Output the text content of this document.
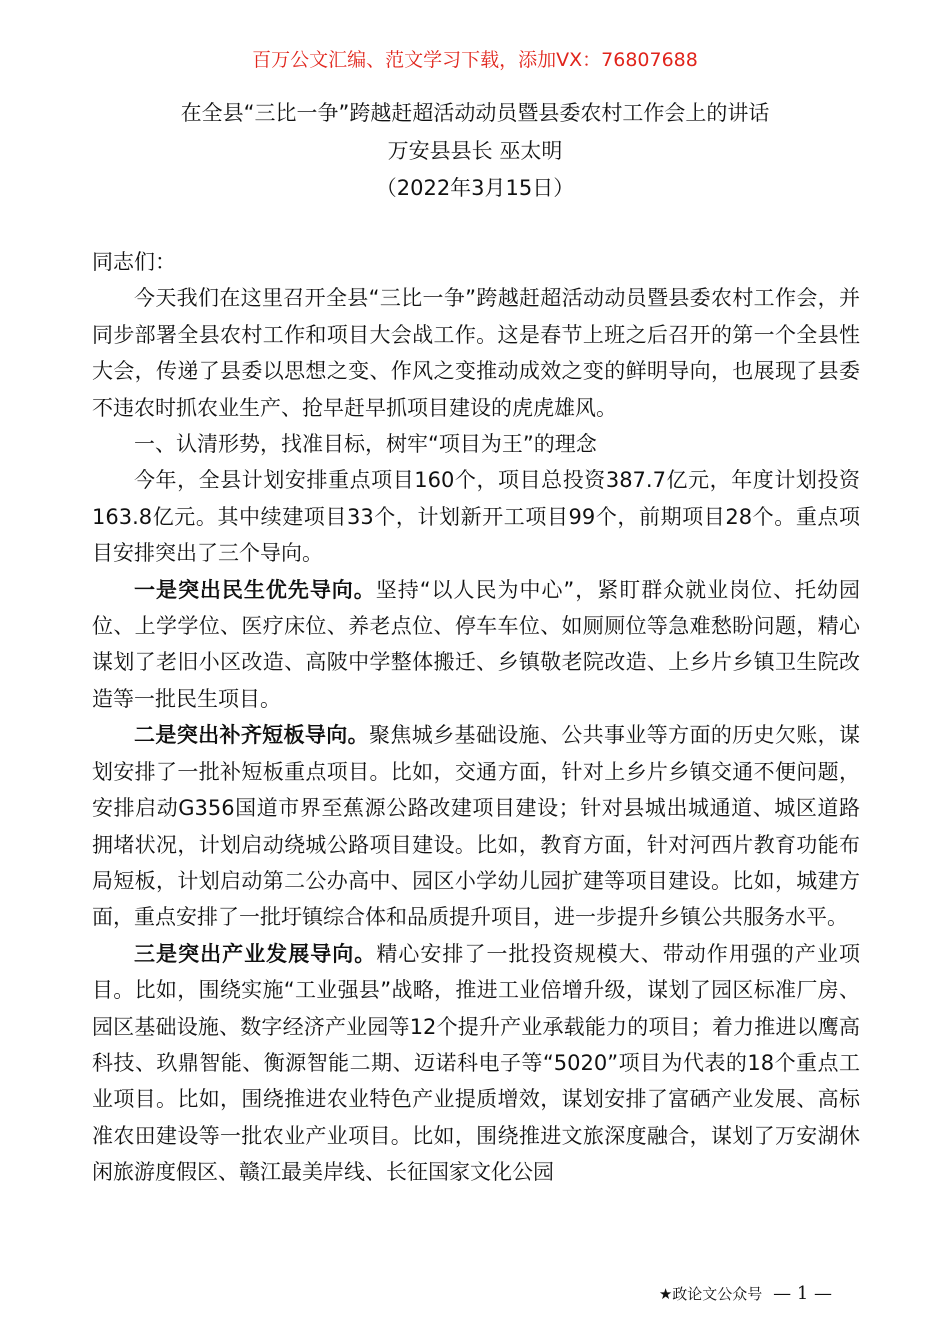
百万公文汇编、范文学习下载，添加VX：76807688
在全县“三比一争”跨越赶超活动动员暨县委农村工作会上的讲话
万安县县长 巫太明
（2022年3月15日）

同志们：

今天我们在这里召开全县“三比一争”跨越赶超活动动员暨县委农村工作会，并同步部署全县农村工作和项目大会战工作。这是春节上班之后召开的第一个全县性大会，传递了县委以思想之变、作风之变推动成效之变的鲜明导向，也展现了县委不违农时抓农业生产、抢早赶早抓项目建设的虎虎雄风。

一、认清形势，找准目标，树牢“项目为王”的理念

今年，全县计划安排重点项目160个，项目总投资387.7亿元，年度计划投资163.8亿元。其中续建项目33个，计划新开工项目99个，前期项目28个。重点项目安排突出了三个导向。

一是突出民生优先导向。坚持“以人民为中心”，紧盯群众就业岗位、托幼园位、上学学位、医疗床位、养老点位、停车车位、如厕厕位等急难愁盼问题，精心谋划了老旧小区改造、高陂中学整体搬迁、乡镇敬老院改造、上乡片乡镇卫生院改造等一批民生项目。

二是突出补齐短板导向。聚焦城乡基础设施、公共事业等方面的历史欠账，谋划安排了一批补短板重点项目。比如，交通方面，针对上乡片乡镇交通不便问题，安排启动G356国道市界至蕉源公路改建项目建设；针对县城出城通道、城区道路拥堵状况，计划启动绕城公路项目建设。比如，教育方面，针对河西片教育功能布局短板，计划启动第二公办高中、园区小学幼儿园扩建等项目建设。比如，城建方面，重点安排了一批圩镇综合体和品质提升项目，进一步提升乡镇公共服务水平。

三是突出产业发展导向。精心安排了一批投资规模大、带动作用强的产业项目。比如，围绕实施“工业强县”战略，推进工业倍增升级，谋划了园区标准厂房、园区基础设施、数字经济产业园等12个提升产业承载能力的项目；着力推进以鹰高科技、玖鼎智能、衡源智能二期、迈诺科电子等“5020”项目为代表的18个重点工业项目。比如，围绕推进农业特色产业提质增效，谋划安排了富硒产业发展、高标准农田建设等一批农业产业项目。比如，围绕推进文旅深度融合，谋划了万安湖休闲旅游度假区、赣江最美岸线、长征国家文化公园

★政论文公众号 — 1 —
